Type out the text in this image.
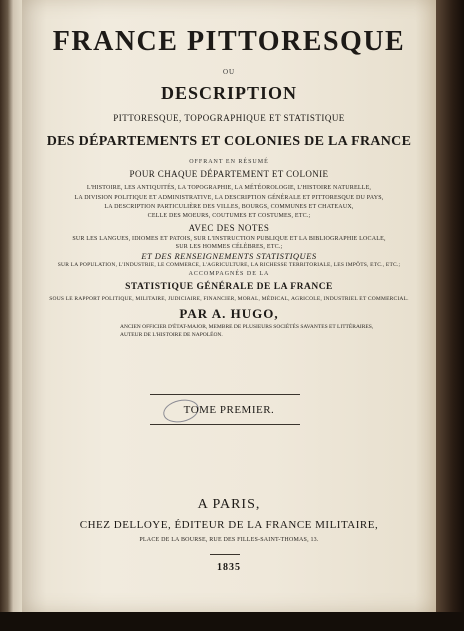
FRANCE PITTORESQUE
OU
DESCRIPTION
PITTORESQUE, TOPOGRAPHIQUE ET STATISTIQUE
DES DÉPARTEMENTS ET COLONIES DE LA FRANCE
OFFRANT EN RÉSUMÉ
POUR CHAQUE DÉPARTEMENT ET COLONIE
L'HISTOIRE, LES ANTIQUITÉS, LA TOPOGRAPHIE, LA MÉTÉOROLOGIE, L'HISTOIRE NATURELLE,
LA DIVISION POLITIQUE ET ADMINISTRATIVE, LA DESCRIPTION GÉNÉRALE ET PITTORESQUE DU PAYS,
LA DESCRIPTION PARTICULIÈRE DES VILLES, BOURGS, COMMUNES ET CHATEAUX,
CELLE DES MOEURS, COUTUMES ET COSTUMES, ETC.;
AVEC DES NOTES
SUR LES LANGUES, IDIOMES ET PATOIS, SUR L'INSTRUCTION PUBLIQUE ET LA BIBLIOGRAPHIE LOCALE,
SUR LES HOMMES CÉLÈBRES, ETC.;
ET DES RENSEIGNEMENTS STATISTIQUES
SUR LA POPULATION, L'INDUSTRIE, LE COMMERCE, L'AGRICULTURE, LA RICHESSE TERRITORIALE, LES IMPÔTS, ETC., ETC.;
ACCOMPAGNÉS DE LA
STATISTIQUE GÉNÉRALE DE LA FRANCE
SOUS LE RAPPORT POLITIQUE, MILITAIRE, JUDICIAIRE, FINANCIER, MORAL, MÉDICAL, AGRICOLE, INDUSTRIEL ET COMMERCIAL.
PAR A. HUGO,
ANCIEN OFFICIER D'ÉTAT-MAJOR, MEMBRE DE PLUSIEURS SOCIÉTÉS SAVANTES ET LITTÉRAIRES,
AUTEUR DE L'HISTOIRE DE NAPOLÉON.
TOME PREMIER.
A PARIS,
CHEZ DELLOYE, ÉDITEUR DE LA FRANCE MILITAIRE,
PLACE DE LA BOURSE, RUE DES FILLES-SAINT-THOMAS, 13.
1835
